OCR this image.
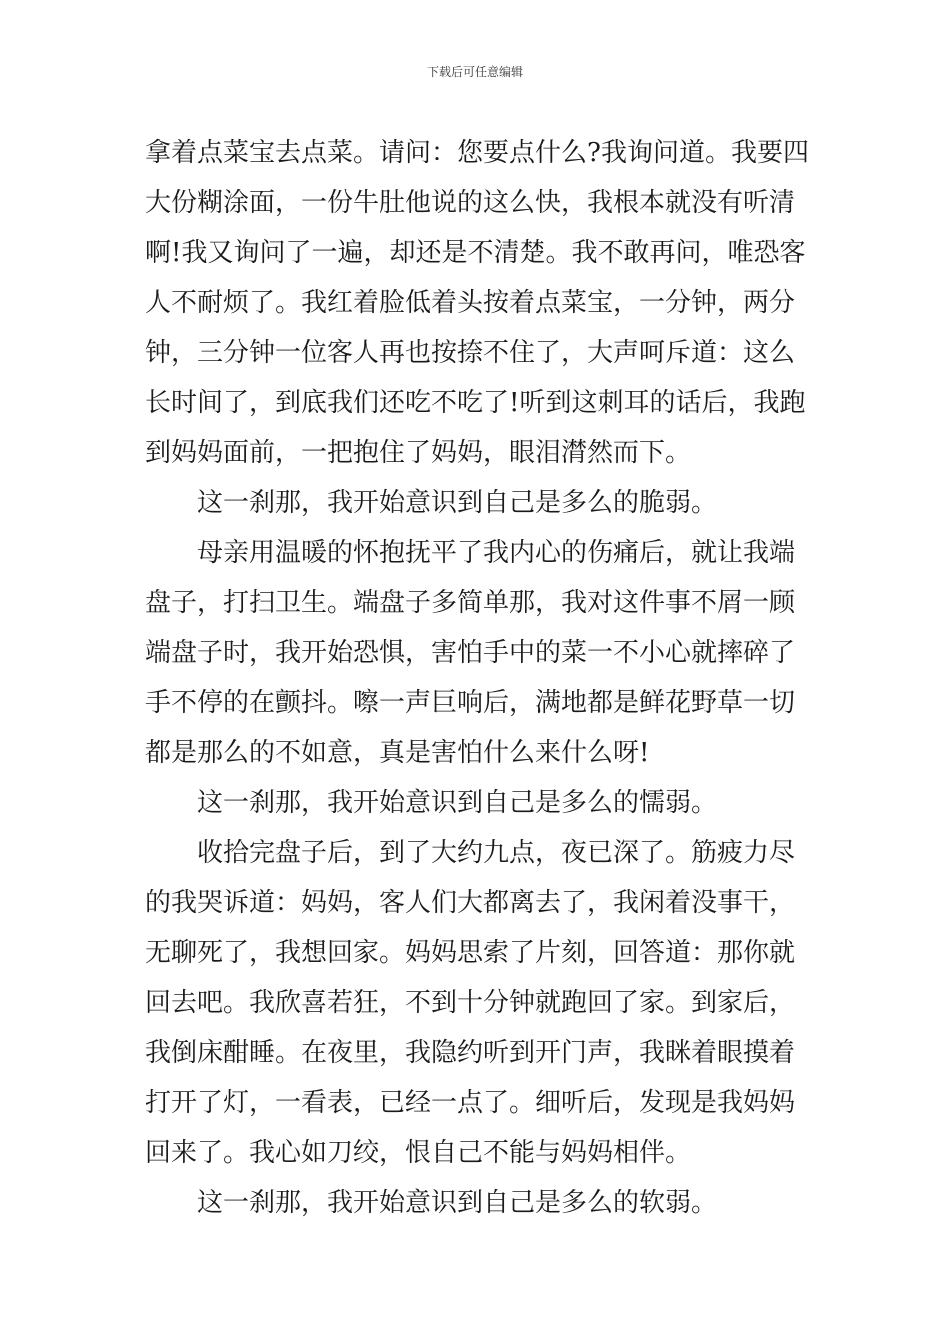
下载后可任意编辑
拿着点菜宝去点菜。请问：您要点什么?我询问道。我要四
大份糊涂面，一份牛肚他说的这么快，我根本就没有听清
啊!我又询问了一遍，却还是不清楚。我不敢再问，唯恐客
人不耐烦了。我红着脸低着头按着点菜宝，一分钟，两分
钟，三分钟一位客人再也按捺不住了，大声呵斥道：这么
长时间了，到底我们还吃不吃了!听到这刺耳的话后，我跑
到妈妈面前，一把抱住了妈妈，眼泪潸然而下。
这一刹那，我开始意识到自己是多么的脆弱。
母亲用温暖的怀抱抚平了我内心的伤痛后，就让我端
盘子，打扫卫生。端盘子多简单那，我对这件事不屑一顾
端盘子时，我开始恐惧，害怕手中的菜一不小心就摔碎了
手不停的在颤抖。嚓一声巨响后，满地都是鲜花野草一切
都是那么的不如意，真是害怕什么来什么呀!
这一刹那，我开始意识到自己是多么的懦弱。
收拾完盘子后，到了大约九点，夜已深了。筋疲力尽
的我哭诉道：妈妈，客人们大都离去了，我闲着没事干，
无聊死了，我想回家。妈妈思索了片刻，回答道：那你就
回去吧。我欣喜若狂，不到十分钟就跑回了家。到家后，
我倒床酣睡。在夜里，我隐约听到开门声，我眯着眼摸着
打开了灯，一看表，已经一点了。细听后，发现是我妈妈
回来了。我心如刀绞，恨自己不能与妈妈相伴。
这一刹那，我开始意识到自己是多么的软弱。
